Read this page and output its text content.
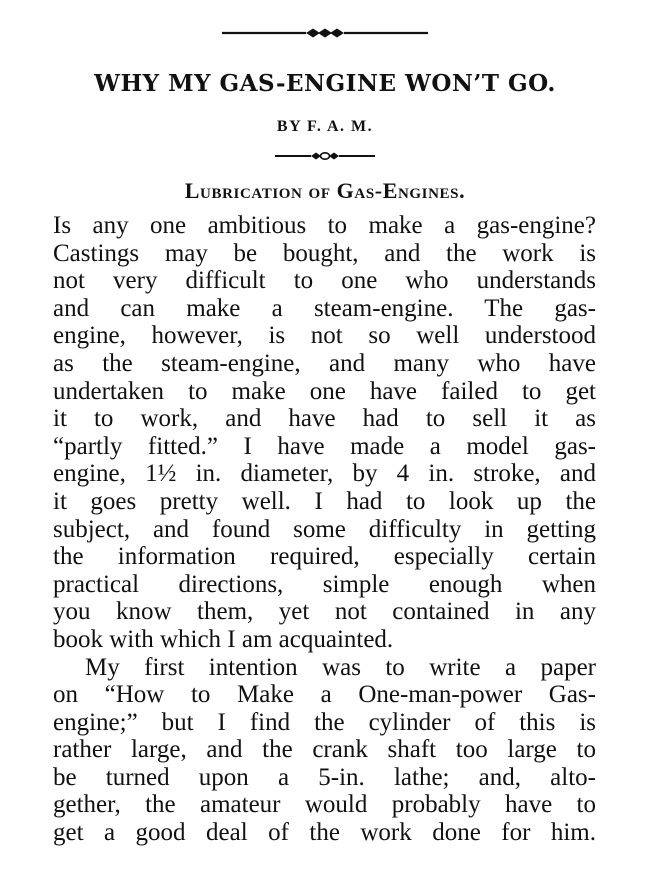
WHY MY GAS-ENGINE WON’T GO.
BY F. A. M.
Lubrication of Gas-Engines.

Is any one ambitious to make a gas-engine?
Castings may be bought, and the work is
not very difficult to one who understands
and can make a steam-engine. The gas-
engine, however, is not so well understood
as the steam-engine, and many who have
undertaken to make one have failed to get
it to work, and have had to sell it as
“partly fitted.” I have made a model gas-
engine, 1½ in. diameter, by 4 in. stroke, and
it goes pretty well. I had to look up the
subject, and found some difficulty in getting
the information required, especially certain
practical directions, simple enough when
you know them, yet not contained in any
book with which I am acquainted.

My first intention was to write a paper
on “How to Make a One-man-power Gas-
engine;” but I find the cylinder of this is
rather large, and the crank shaft too large to
be turned upon a 5-in. lathe; and, alto-
gether, the amateur would probably have to
get a good deal of the work done for him.
